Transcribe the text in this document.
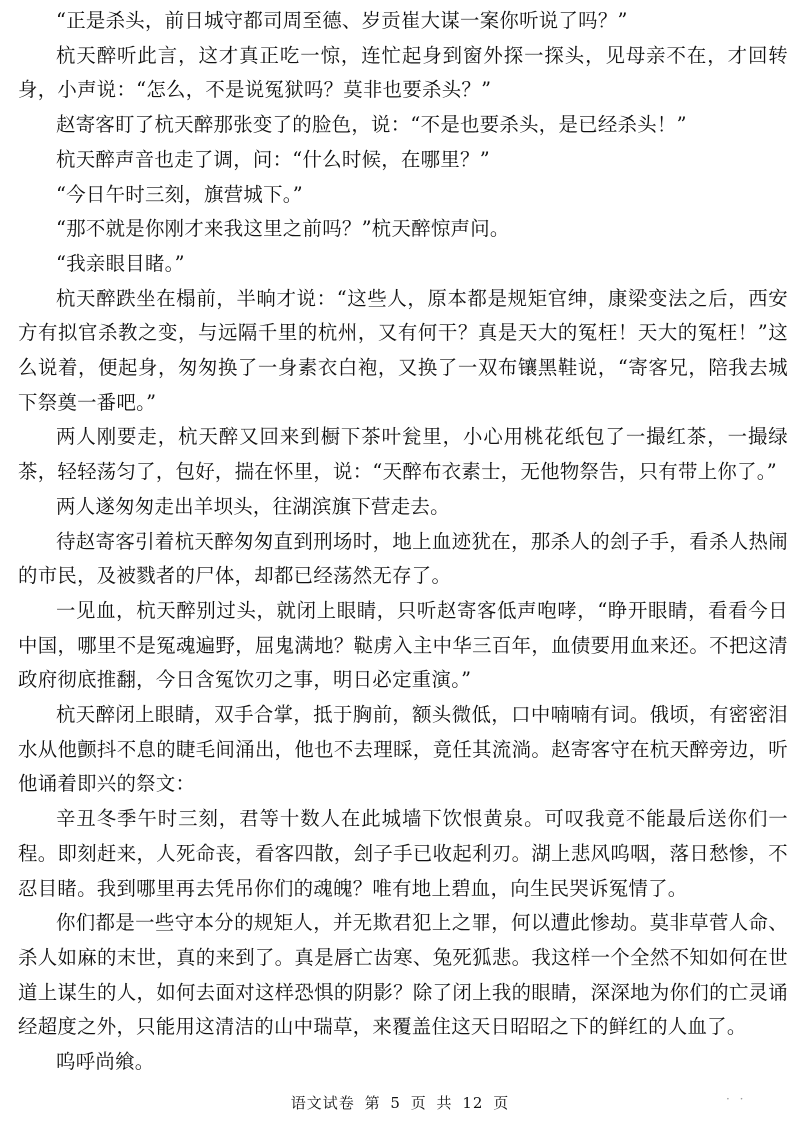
“正是杀头，前日城守都司周至德、岁贡崔大谋一案你听说了吗？”

杭天醉听此言，这才真正吃一惊，连忙起身到窗外探一探头，见母亲不在，才回转身，小声说：“怎么，不是说冤狱吗？莫非也要杀头？”

赵寄客盯了杭天醉那张变了的脸色，说：“不是也要杀头，是已经杀头！”

杭天醉声音也走了调，问：“什么时候，在哪里？”

“今日午时三刻，旗营城下。”

“那不就是你刚才来我这里之前吗？”杭天醉惊声问。

“我亲眼目睹。”

杭天醉跌坐在榻前，半晌才说：“这些人，原本都是规矩官绅，康梁变法之后，西安方有拟官杀教之变，与远隔千里的杭州，又有何干？真是天大的冤枉！天大的冤枉！”这么说着，便起身，匆匆换了一身素衣白袍，又换了一双布镶黑鞋说，“寄客兄，陪我去城下祭奠一番吧。”

两人刚要走，杭天醉又回来到橱下茶叶瓮里，小心用桃花纸包了一撮红茶，一撮绿茶，轻轻荡匀了，包好，揣在怀里，说：“天醉布衣素士，无他物祭告，只有带上你了。”

两人遂匆匆走出羊坝头，往湖滨旗下营走去。

待赵寄客引着杭天醉匆匆直到刑场时，地上血迹犹在，那杀人的刽子手，看杀人热闹的市民，及被戮者的尸体，却都已经荡然无存了。

一见血，杭天醉别过头，就闭上眼睛，只听赵寄客低声咆哮，“睁开眼睛，看看今日中国，哪里不是冤魂遍野，屈鬼满地？鞑虏入主中华三百年，血债要用血来还。不把这清政府彻底推翻，今日含冤饮刃之事，明日必定重演。”

杭天醉闭上眼睛，双手合掌，抵于胸前，额头微低，口中喃喃有词。俄顷，有密密泪水从他颤抖不息的睫毛间涌出，他也不去理睬，竟任其流淌。赵寄客守在杭天醉旁边，听他诵着即兴的祭文：

辛丑冬季午时三刻，君等十数人在此城墙下饮恨黄泉。可叹我竟不能最后送你们一程。即刻赶来，人死命丧，看客四散，刽子手已收起利刃。湖上悲风呜咽，落日愁惨，不忍目睹。我到哪里再去凭吊你们的魂魄？唯有地上碧血，向生民哭诉冤情了。

你们都是一些守本分的规矩人，并无欺君犯上之罪，何以遭此惨劫。莫非草菅人命、杀人如麻的末世，真的来到了。真是唇亡齿寒、兔死狐悲。我这样一个全然不知如何在世道上谋生的人，如何去面对这样恐惧的阴影？除了闭上我的眼睛，深深地为你们的亡灵诵经超度之外，只能用这清洁的山中瑞草，来覆盖住这天日昭昭之下的鲜红的人血了。

呜呼尚飨。

语文试卷 第 5 页 共 12 页	· ·
